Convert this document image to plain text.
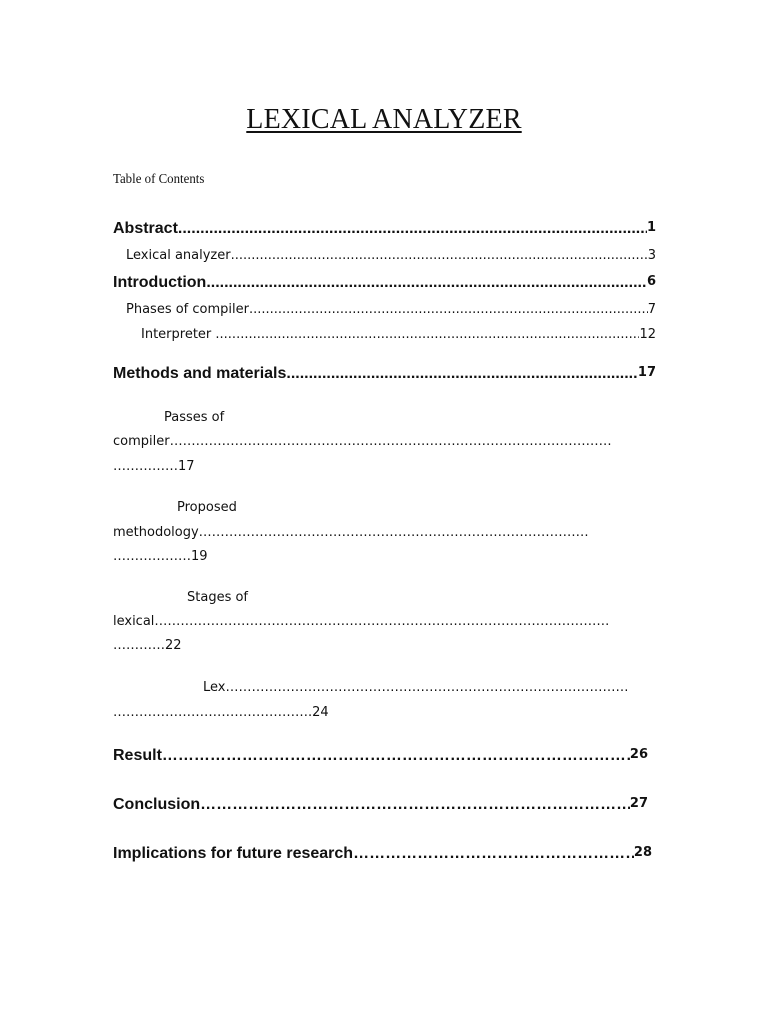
LEXICAL ANALYZER
Table of Contents
Abstract .....	1
Lexical analyzer .....	3
Introduction .....	6
Phases of compiler .....	7
Interpreter .....	12
Methods and materials .....	17
Passes of
compiler…………………………………………………………………………………………
……………17
Proposed
methodology………………………………………………………………………………
………………19
Stages of
lexical……………………………………………………………………………………………
…………22
Lex…………………………………………………………………………………
……………………………………….24
Result ………………………………………………………………………………………………………………………………………………………………………………………………………………	26
Conclusion ………………………………………………………………………………………………………………………………………………………………………………………………………………	27
Implications for future research ………………………………………………………………………………………………………………………………………………………………………………………………………………	28
